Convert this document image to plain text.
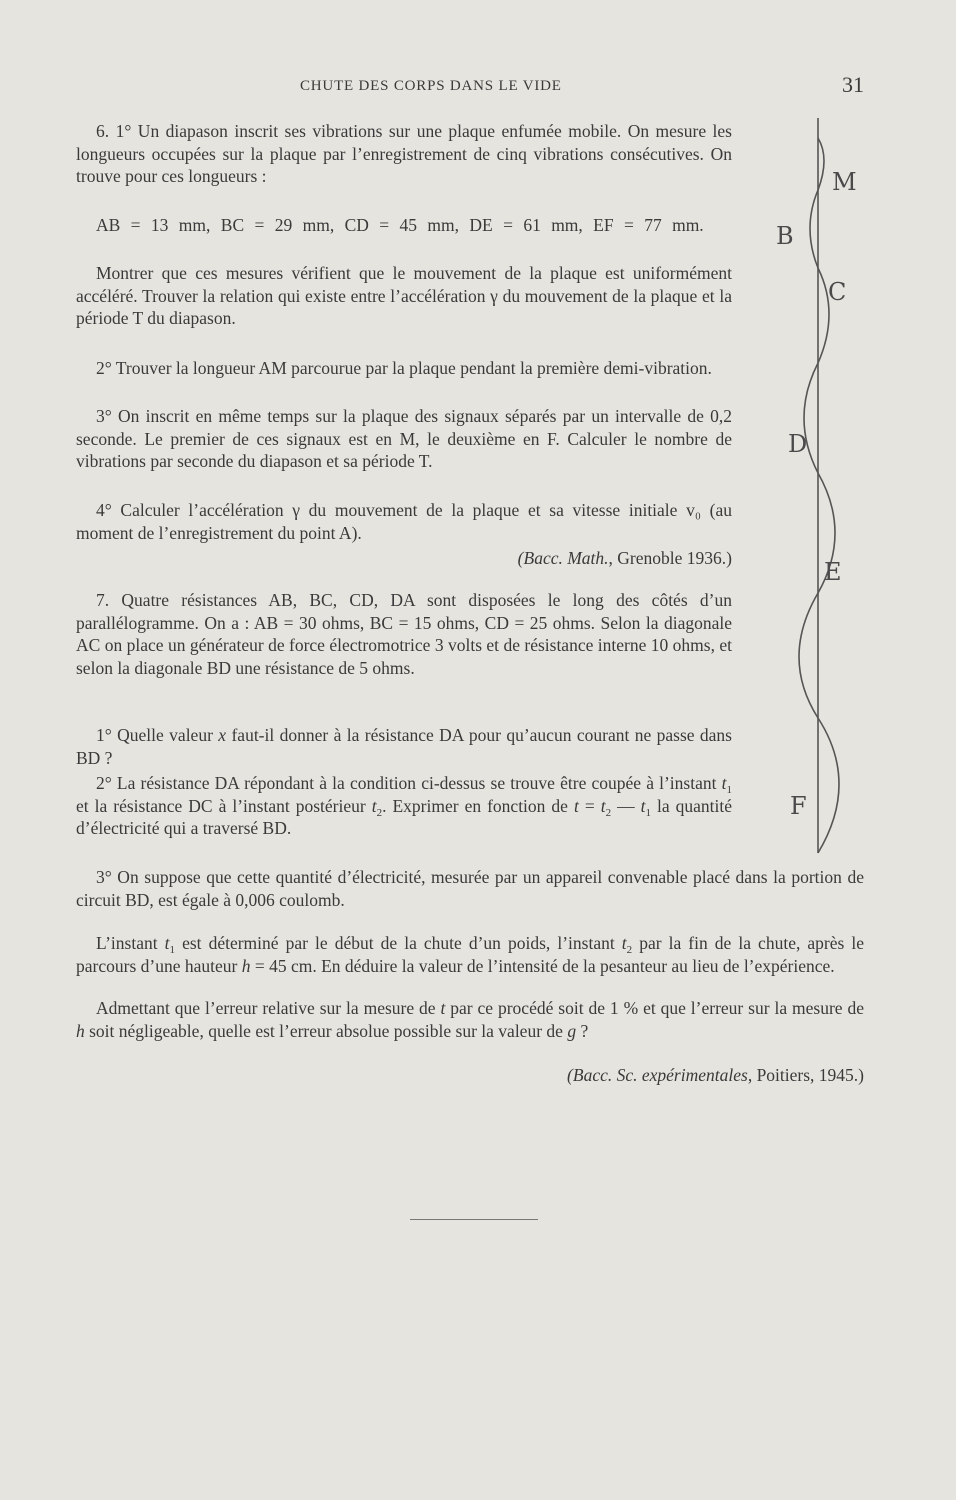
CHUTE DES CORPS DANS LE VIDE	31

6. 1° Un diapason inscrit ses vibrations sur une plaque enfumée mobile. On mesure les longueurs occupées sur la plaque par l’enregistrement de cinq vibrations consécutives. On trouve pour ces longueurs :

AB = 13 mm, BC = 29 mm, CD = 45 mm, DE = 61 mm, EF = 77 mm.

Montrer que ces mesures vérifient que le mouvement de la plaque est uniformément accéléré. Trouver la relation qui existe entre l’accélération γ du mouvement de la plaque et la période T du diapason.

2° Trouver la longueur AM parcourue par la plaque pendant la première demi-vibration.

3° On inscrit en même temps sur la plaque des signaux séparés par un intervalle de 0,2 seconde. Le premier de ces signaux est en M, le deuxième en F. Calculer le nombre de vibrations par seconde du diapason et sa période T.

4° Calculer l’accélération γ du mouvement de la plaque et sa vitesse initiale v₀ (au moment de l’enregistrement du point A).

(Bacc. Math., Grenoble 1936.)

7. Quatre résistances AB, BC, CD, DA sont disposées le long des côtés d’un parallélogramme. On a : AB = 30 ohms, BC = 15 ohms, CD = 25 ohms. Selon la diagonale AC on place un générateur de force électromotrice 3 volts et de résistance interne 10 ohms, et selon la diagonale BD une résistance de 5 ohms.

1° Quelle valeur x faut-il donner à la résistance DA pour qu’aucun courant ne passe dans BD ?

2° La résistance DA répondant à la condition ci-dessus se trouve être coupée à l’instant $t_1$ et la résistance DC à l’instant postérieur $t_2$. Exprimer en fonction de $t = t_2$ — $t_1$ la quantité d’électricité qui a traversé BD.

3° On suppose que cette quantité d’électricité, mesurée par un appareil convenable placé dans la portion de circuit BD, est égale à 0,006 coulomb.

L’instant $t_1$ est déterminé par le début de la chute d’un poids, l’instant $t_2$ par la fin de la chute, après le parcours d’une hauteur h = 45 cm. En déduire la valeur de l’intensité de la pesanteur au lieu de l’expérience.

Admettant que l’erreur relative sur la mesure de t par ce procédé soit de 1 % et que l’erreur sur la mesure de h soit négligeable, quelle est l’erreur absolue possible sur la valeur de g ?

(Bacc. Sc. expérimentales, Poitiers, 1945.)

M
B
C
D
E
F
